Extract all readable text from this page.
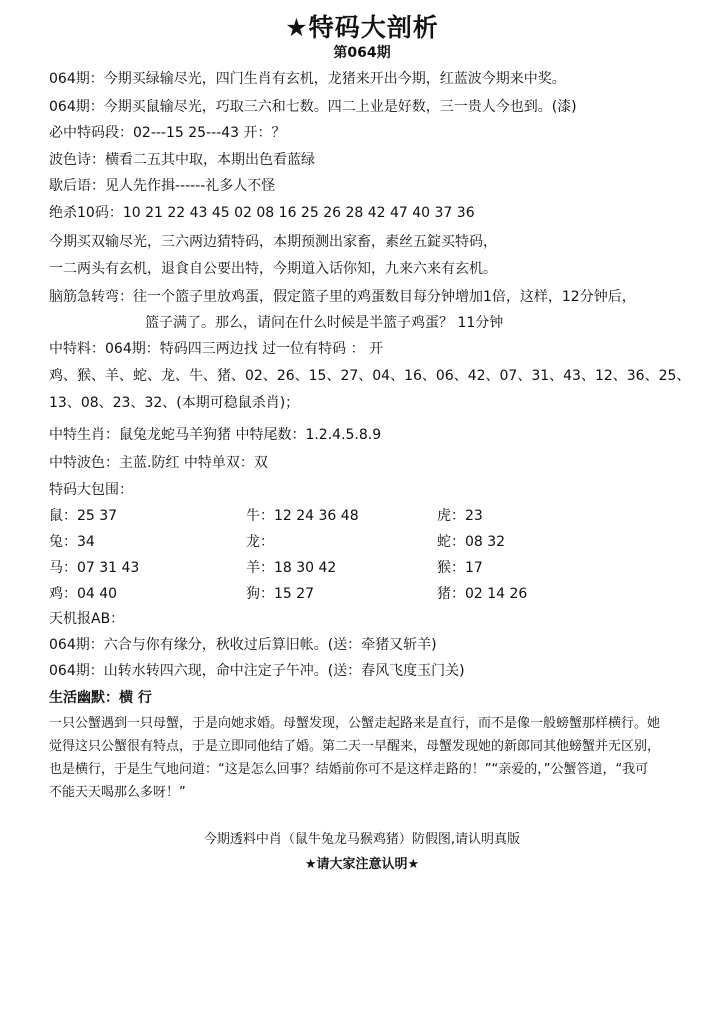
★特码大剖析
第064期
064期：今期买绿输尽光，四门生肖有玄机，龙猪来开出今期，红蓝波今期来中奖。
064期：今期买鼠输尽光，巧取三六和七数。四二上业是好数，三一贵人今也到。(漆)
必中特码段：02---15 25---43 开：？
波色诗：横看二五其中取，本期出色看蓝绿
歇后语：见人先作揖------礼多人不怪
绝杀10码：10 21 22 43 45 02 08 16 25 26 28 42 47 40 37 36
今期买双输尽光，三六两边猜特码，本期预测出家畜，素丝五錠买特码，
一二两头有玄机，退食自公要出特，今期道入话你知，九来六来有玄机。
脑筋急转弯：往一个篮子里放鸡蛋，假定篮子里的鸡蛋数目每分钟增加1倍，这样，12分钟后，
篮子满了。那么，请问在什么时候是半篮子鸡蛋？ 11分钟
中特料：064期：特码四三两边找 过一位有特码 ： 开
鸡、猴、羊、蛇、龙、牛、猪、02、26、15、27、04、16、06、42、07、31、43、12、36、25、
13、08、23、32、(本期可稳鼠杀肖)；
中特生肖：鼠兔龙蛇马羊狗猪 中特尾数：1.2.4.5.8.9
中特波色：主蓝.防红 中特单双：双
特码大包围：
鼠：25 37	牛：12 24 36 48	虎：23
兔：34	龙：	蛇：08 32
马：07 31 43	羊：18 30 42	猴：17
鸡：04 40	狗：15 27	猪：02 14 26
天机报AB：
064期：六合与你有缘分，秋收过后算旧帐。(送：牵猪又斩羊)
064期：山转水转四六现，命中注定子午冲。(送：春风飞度玉门关)
生活幽默：横 行

一只公蟹遇到一只母蟹，于是向她求婚。母蟹发现，公蟹走起路来是直行，而不是像一般螃蟹那样横行。她

觉得这只公蟹很有特点，于是立即同他结了婚。第二天一早醒来，母蟹发现她的新郎同其他螃蟹并无区别，

也是横行，于是生气地问道：“这是怎么回事？结婚前你可不是这样走路的！”“亲爱的，”公蟹答道，“我可

不能天天喝那么多呀！”

今期透料中肖（鼠牛兔龙马猴鸡猪）防假图,请认明真版
★请大家注意认明★
